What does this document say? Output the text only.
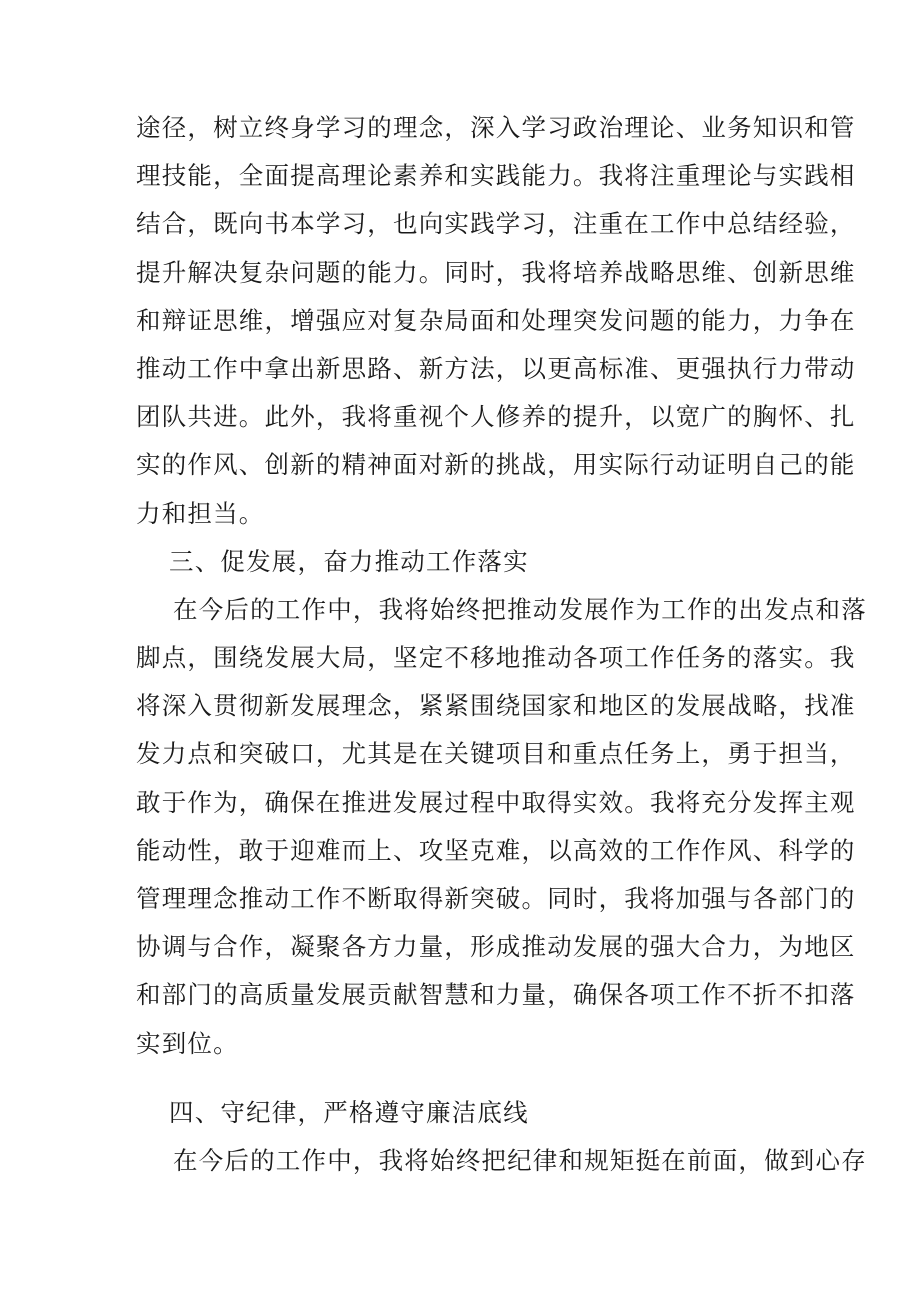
途径，树立终身学习的理念，深入学习政治理论、业务知识和管
理技能，全面提高理论素养和实践能力。我将注重理论与实践相
结合，既向书本学习，也向实践学习，注重在工作中总结经验，
提升解决复杂问题的能力。同时，我将培养战略思维、创新思维
和辩证思维，增强应对复杂局面和处理突发问题的能力，力争在
推动工作中拿出新思路、新方法，以更高标准、更强执行力带动
团队共进。此外，我将重视个人修养的提升，以宽广的胸怀、扎
实的作风、创新的精神面对新的挑战，用实际行动证明自己的能
力和担当。
三、促发展，奋力推动工作落实
在今后的工作中，我将始终把推动发展作为工作的出发点和落
脚点，围绕发展大局，坚定不移地推动各项工作任务的落实。我
将深入贯彻新发展理念，紧紧围绕国家和地区的发展战略，找准
发力点和突破口，尤其是在关键项目和重点任务上，勇于担当，
敢于作为，确保在推进发展过程中取得实效。我将充分发挥主观
能动性，敢于迎难而上、攻坚克难，以高效的工作作风、科学的
管理理念推动工作不断取得新突破。同时，我将加强与各部门的
协调与合作，凝聚各方力量，形成推动发展的强大合力，为地区
和部门的高质量发展贡献智慧和力量，确保各项工作不折不扣落
实到位。
四、守纪律，严格遵守廉洁底线
在今后的工作中，我将始终把纪律和规矩挺在前面，做到心存
